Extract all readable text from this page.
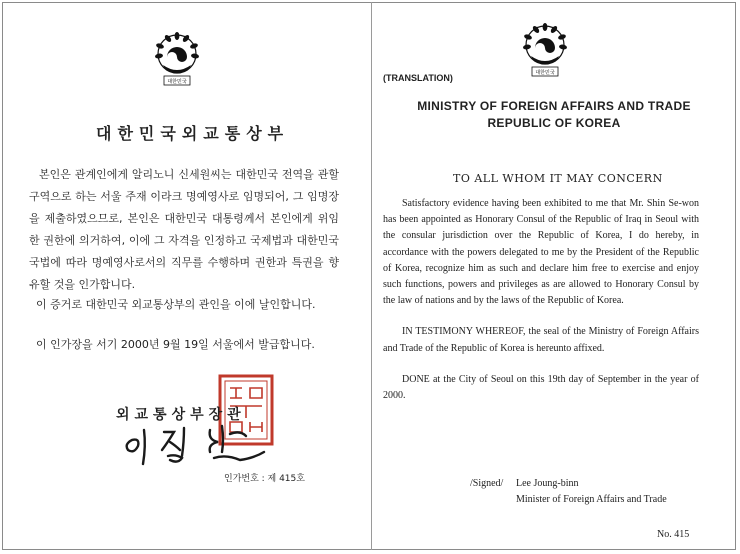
대한민국
대한민국외교통상부

본인은 관계인에게 알리노니 신세원씨는 대한민국 전역을 관할 구역으로 하는 서울 주재 이라크 명예영사로 임명되어, 그 임명장을 제출하였으므로, 본인은 대한민국 대통령께서 본인에게 위임한 권한에 의거하여, 이에 그 자격을 인정하고 국제법과 대한민국 국법에 따라 명예영사로서의 직무를 수행하며 권한과 특권을 향유할 것을 인가합니다.

이 증거로 대한민국 외교통상부의 관인을 이에 날인합니다.
이 인가장을 서기 2000년 9월 19일 서울에서 발급합니다.
외교통상부장관
인가번호 : 제 415호
대한민국
(TRANSLATION)
MINISTRY OF FOREIGN AFFAIRS AND TRADE
REPUBLIC OF KOREA
TO ALL WHOM IT MAY CONCERN

Satisfactory evidence having been exhibited to me that Mr. Shin Se-won has been appointed as Honorary Consul of the Republic of Iraq in Seoul with the consular jurisdiction over the Republic of Korea, I do hereby, in accordance with the powers delegated to me by the President of the Republic of Korea, recognize him as such and declare him free to exercise and enjoy such functions, powers and privileges as are allowed to Honorary Consul by the law of nations and by the laws of the Republic of Korea.

IN TESTIMONY WHEREOF, the seal of the Ministry of Foreign Affairs and Trade of the Republic of Korea is hereunto affixed.

DONE at the City of Seoul on this 19th day of September in the year of 2000.

/Signed/ Lee Joung-binn
Minister of Foreign Affairs and Trade
No. 415
